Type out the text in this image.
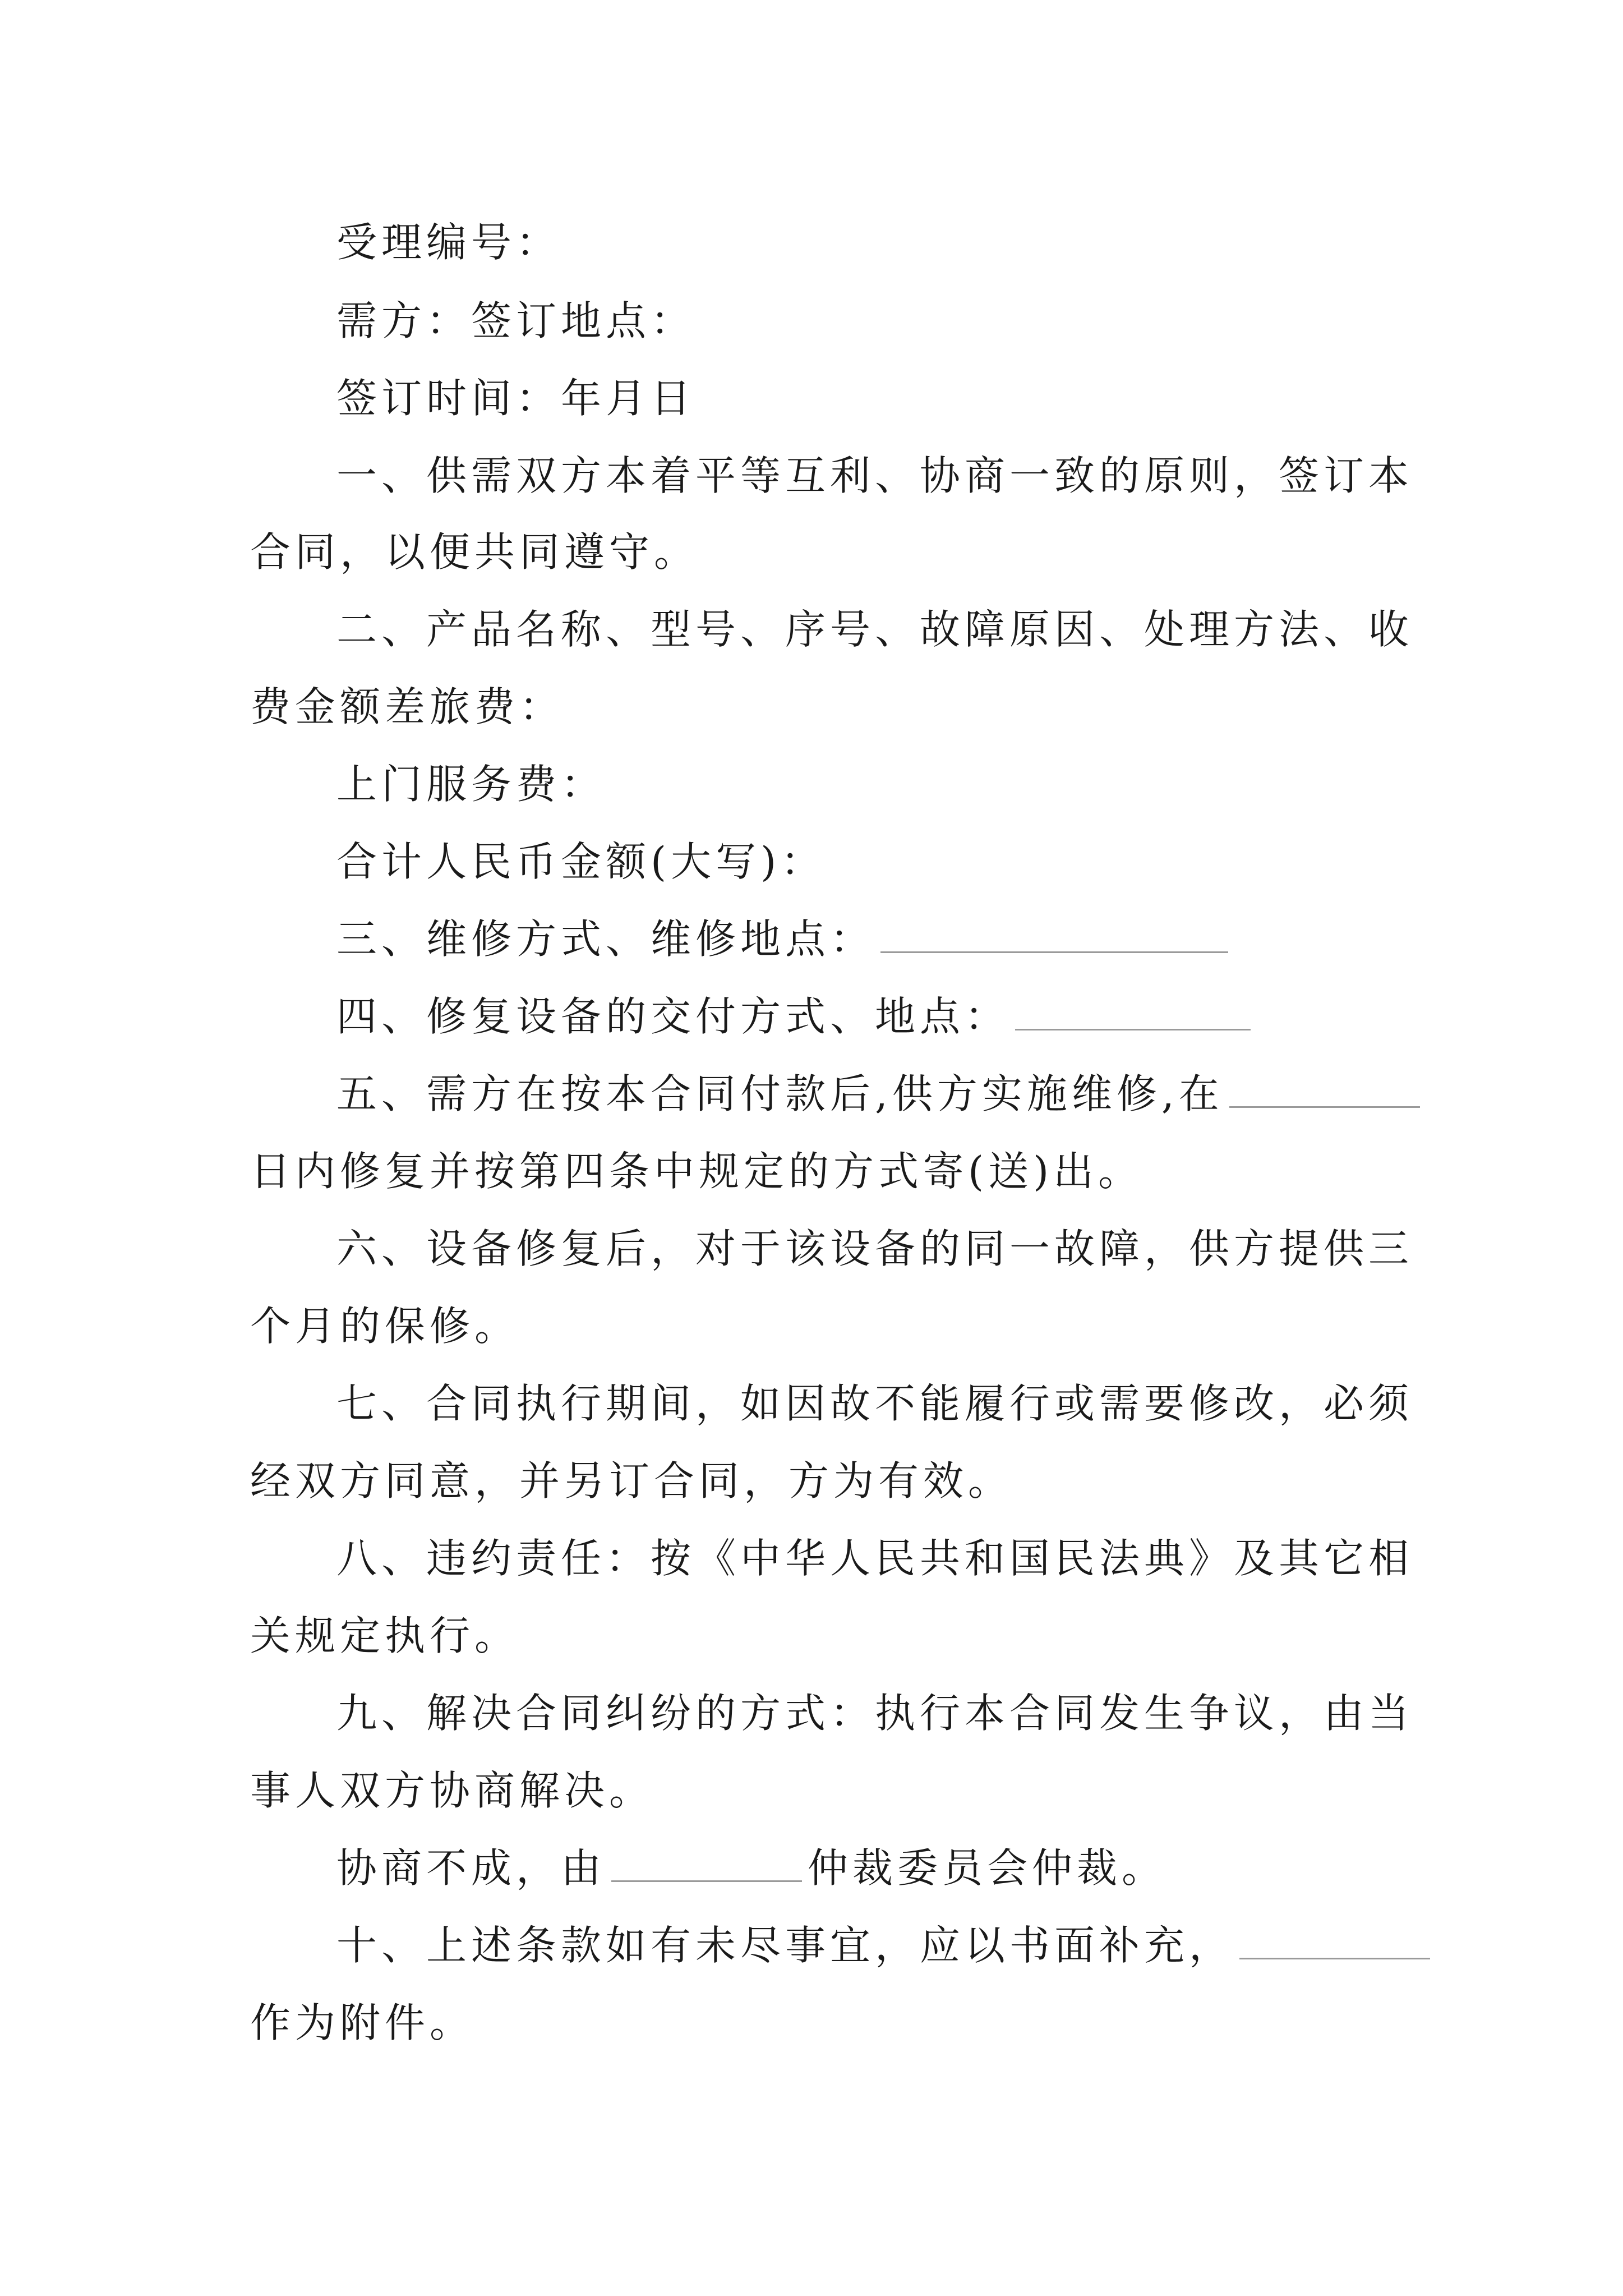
受理编号：
需方：签订地点：
签订时间：年月日
一、供需双方本着平等互利、协商一致的原则，签订本
合同，以便共同遵守。
二、产品名称、型号、序号、故障原因、处理方法、收
费金额差旅费：
上门服务费：
合计人民币金额(大写)：
三、维修方式、维修地点：
四、修复设备的交付方式、地点：
五、需方在按本合同付款后,供方实施维修,在
日内修复并按第四条中规定的方式寄(送)出。
六、设备修复后，对于该设备的同一故障，供方提供三
个月的保修。
七、合同执行期间，如因故不能履行或需要修改，必须
经双方同意，并另订合同，方为有效。
八、违约责任：按《中华人民共和国民法典》及其它相
关规定执行。
九、解决合同纠纷的方式：执行本合同发生争议，由当
事人双方协商解决。
协商不成，由	仲裁委员会仲裁。
十、上述条款如有未尽事宜，应以书面补充，
作为附件。
